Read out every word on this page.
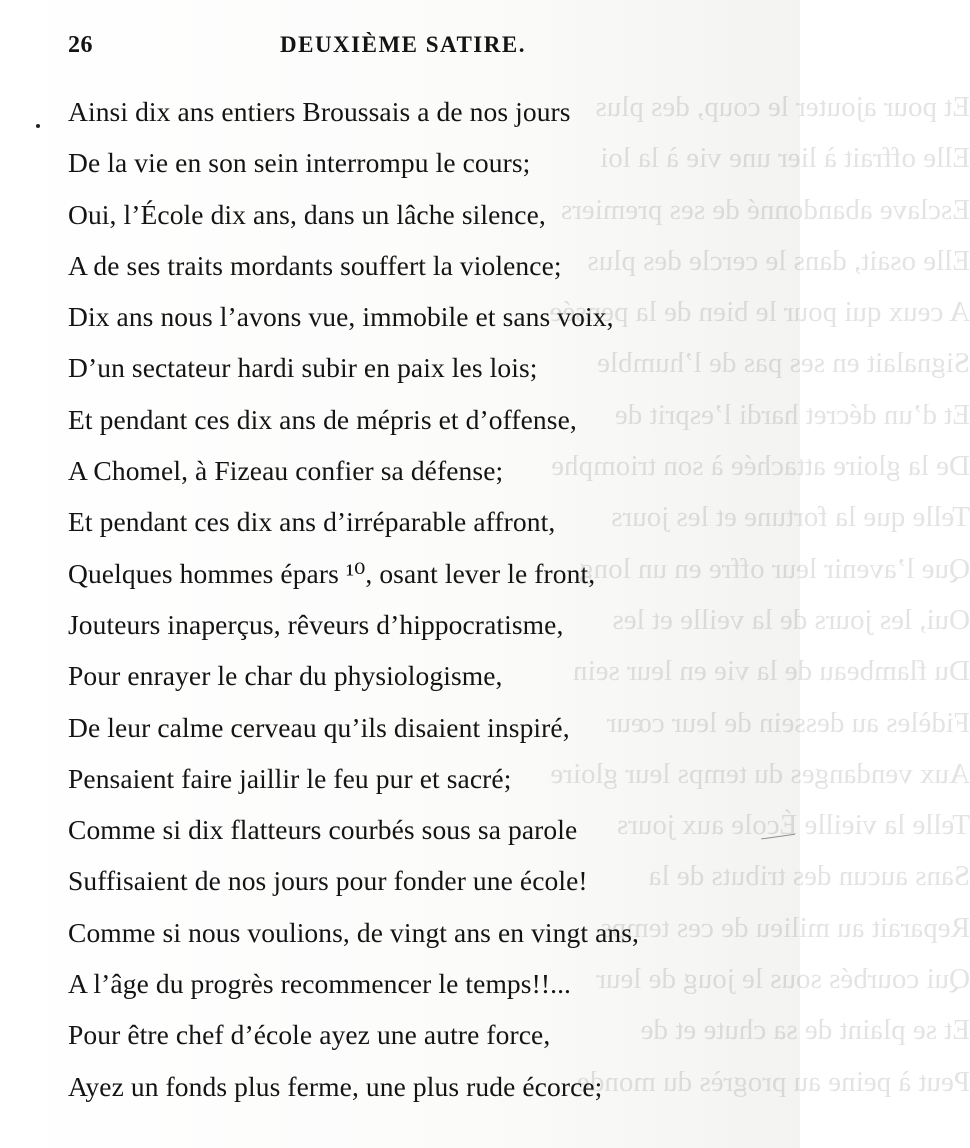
Et pour ajouter le coup, des plus
Elle offrait à lier une vie à la loi
Esclave abandonné de ses premiers
Elle osait, dans le cercle des plus
A ceux qui pour le bien de la pensée
Signalait en ses pas de l’humble
Et d’un décret hardi l’esprit de
De la gloire attachée à son triomphe
Telle que la fortune et les jours
Que l’avenir leur offre en un long
Oui, les jours de la veille et les
Du flambeau de la vie en leur sein
Fidèles au dessein de leur cœur
Aux vendanges du temps leur gloire
Telle la vieille École aux jours
Sans aucun des tributs de la
Reparait au milieu de ces temps
Qui courbés sous le joug de leur
Et se plaint de sa chute et de
Peut à peine au progrès du monde
26	DEUXIÈME SATIRE.
Ainsi dix ans entiers Broussais a de nos jours
De la vie en son sein interrompu le cours;
Oui, l’École dix ans, dans un lâche silence,
A de ses traits mordants souffert la violence;
Dix ans nous l’avons vue, immobile et sans voix,
D’un sectateur hardi subir en paix les lois;
Et pendant ces dix ans de mépris et d’offense,
A Chomel, à Fizeau confier sa défense;
Et pendant ces dix ans d’irréparable affront,
Quelques hommes épars ¹⁰, osant lever le front,
Jouteurs inaperçus, rêveurs d’hippocratisme,
Pour enrayer le char du physiologisme,
De leur calme cerveau qu’ils disaient inspiré,
Pensaient faire jaillir le feu pur et sacré;
Comme si dix flatteurs courbés sous sa parole
Suffisaient de nos jours pour fonder une école!
Comme si nous voulions, de vingt ans en vingt ans,
A l’âge du progrès recommencer le temps!!...
Pour être chef d’école ayez une autre force,
Ayez un fonds plus ferme, une plus rude écorce;
